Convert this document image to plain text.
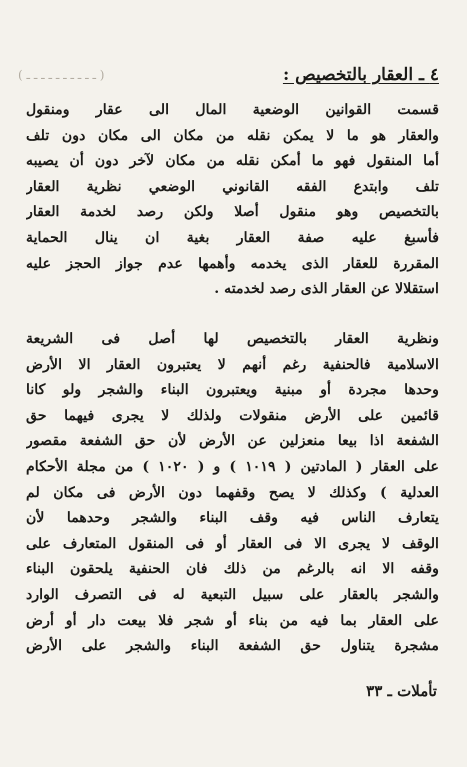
٤ ـ العقار بالتخصيص :
( ـ ـ ـ ـ ـ ـ ـ ـ ـ ـ )
قسمت القوانين الوضعية المال الى عقار ومنقول
والعقار هو ما لا يمكن نقله من مكان الى مكان دون تلف
أما المنقول فهو ما أمكن نقله من مكان لآخر دون أن يصيبه
تلف وابتدع الفقه القانوني الوضعي نظرية العقار
بالتخصيص وهو منقول أصلا ولكن رصد لخدمة العقار
فأسبغ عليه صفة العقار بغية ان ينال الحماية
المقررة للعقار الذى يخدمه وأهمها عدم جواز الحجز عليه
استقلالا عن العقار الذى رصد لخدمته .
ونظرية العقار بالتخصيص لها أصل فى الشريعة
الاسلامية فالحنفية رغم أنهم لا يعتبرون العقار الا الأرض
وحدها مجردة أو مبنية ويعتبرون البناء والشجر ولو كانا
قائمين على الأرض منقولات ولذلك لا يجرى فيهما حق
الشفعة اذا بيعا منعزلين عن الأرض لأن حق الشفعة مقصور
على العقار ( المادتين ( ١٠١٩ ) و ( ١٠٢٠ ) من مجلة الأحكام
العدلية ) وكذلك لا يصح وقفهما دون الأرض فى مكان لم
يتعارف الناس فيه وقف البناء والشجر وحدهما لأن
الوقف لا يجرى الا فى العقار أو فى المنقول المتعارف على
وقفه الا انه بالرغم من ذلك فان الحنفية يلحقون البناء
والشجر بالعقار على سبيل التبعية له فى التصرف الوارد
على العقار بما فيه من بناء أو شجر فلا بيعت دار أو أرض
مشجرة يتناول حق الشفعة البناء والشجر على الأرض
تأملات ـ ٣٣
